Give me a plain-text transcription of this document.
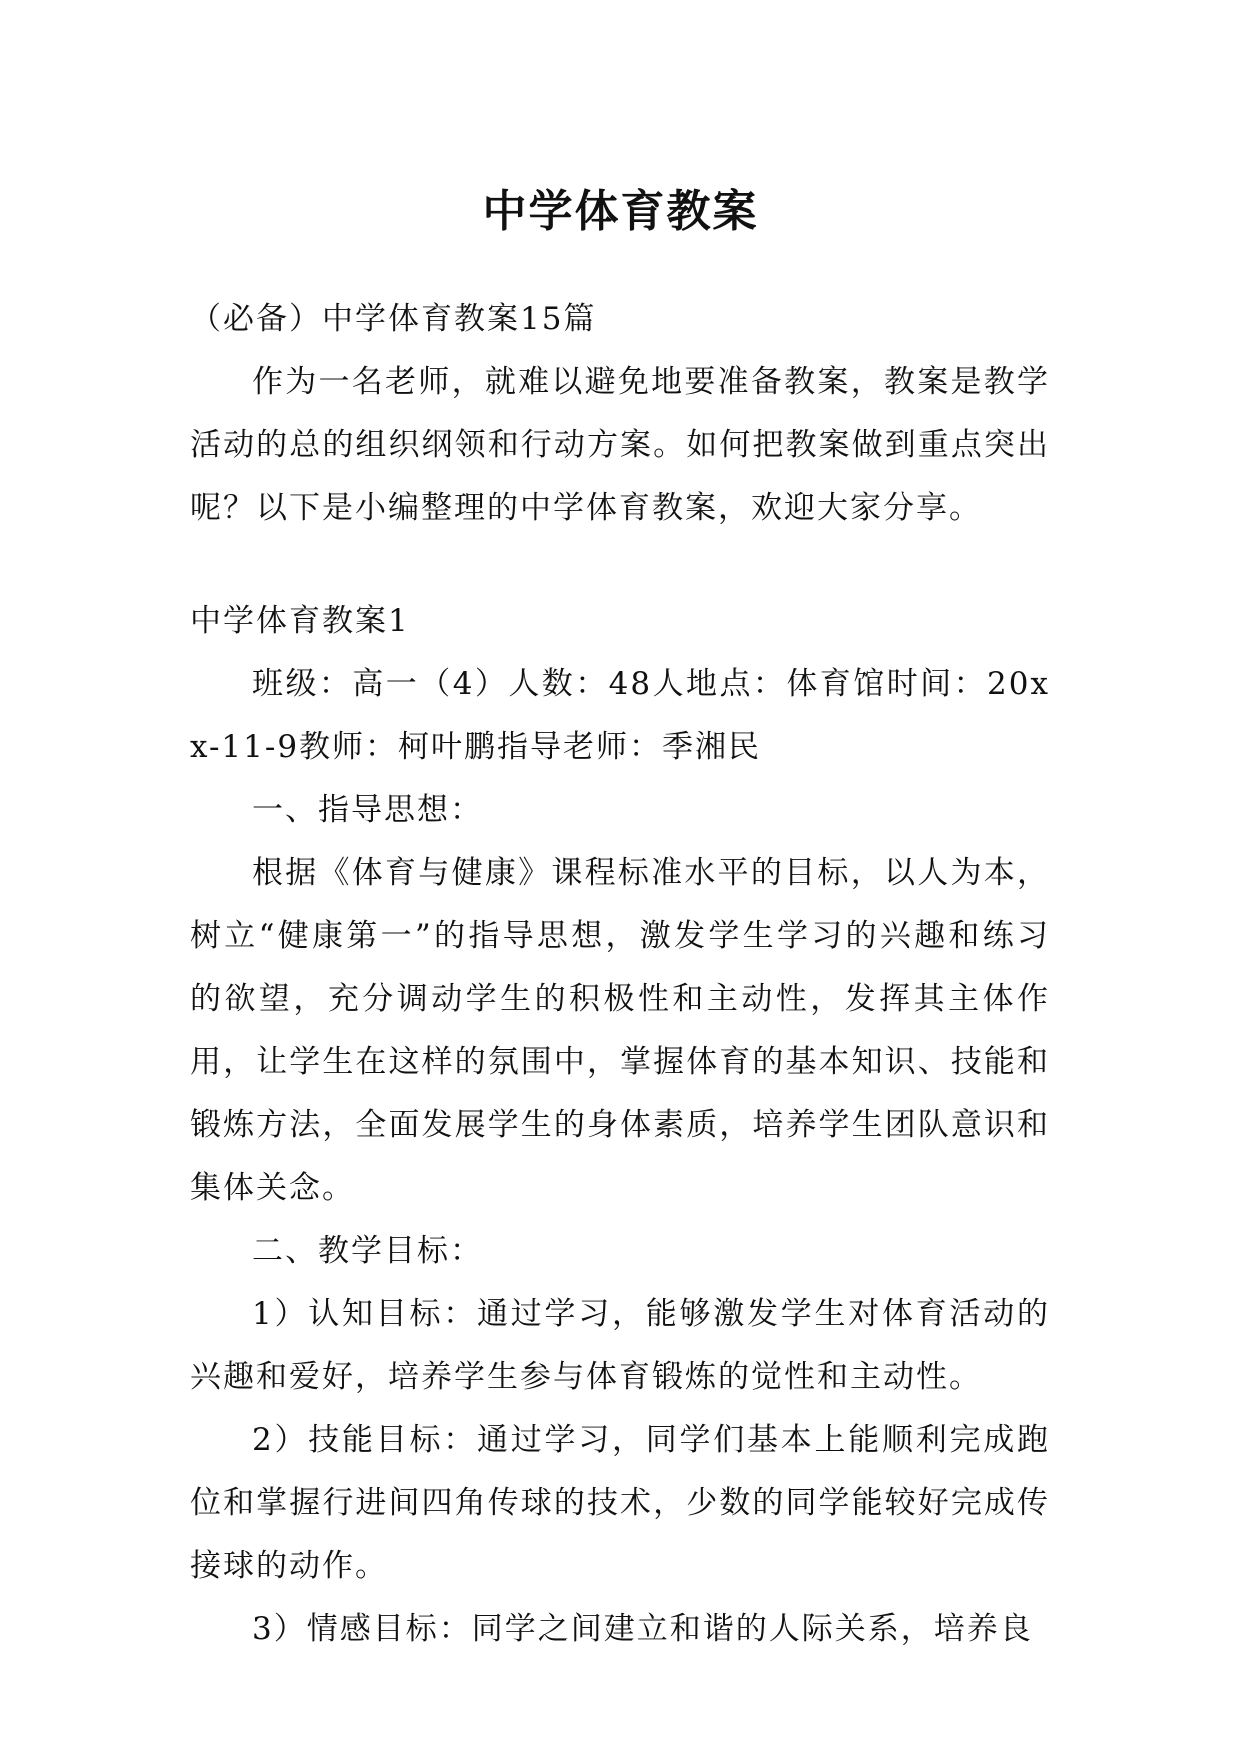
中学体育教案

（必备）中学体育教案15篇

作为一名老师，就难以避免地要准备教案，教案是教学活动的总的组织纲领和行动方案。如何把教案做到重点突出呢？以下是小编整理的中学体育教案，欢迎大家分享。

中学体育教案1

班级：高一（4）人数：48人地点：体育馆时间：20xx-11-9教师：柯叶鹏指导老师：季湘民

一、指导思想：

根据《体育与健康》课程标准水平的目标，以人为本，树立“健康第一”的指导思想，激发学生学习的兴趣和练习的欲望，充分调动学生的积极性和主动性，发挥其主体作用，让学生在这样的氛围中，掌握体育的基本知识、技能和锻炼方法，全面发展学生的身体素质，培养学生团队意识和集体关念。

二、教学目标：

1）认知目标：通过学习，能够激发学生对体育活动的兴趣和爱好，培养学生参与体育锻炼的觉性和主动性。

2）技能目标：通过学习，同学们基本上能顺利完成跑位和掌握行进间四角传球的技术，少数的同学能较好完成传接球的动作。

3）情感目标：同学之间建立和谐的人际关系，培养良
